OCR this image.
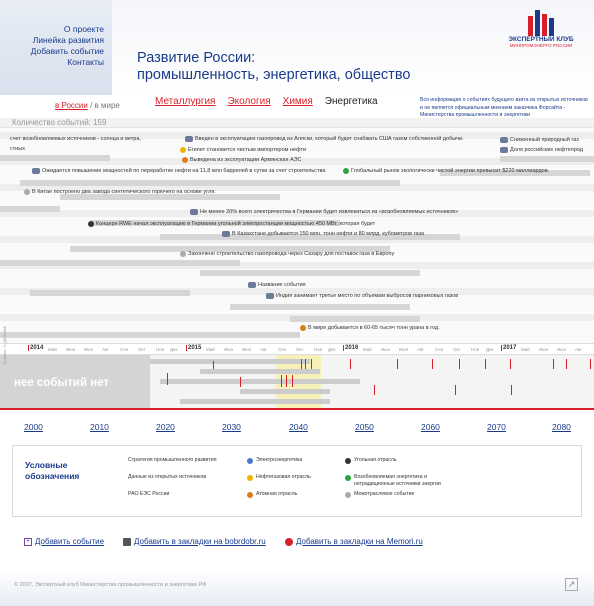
О проекте
Линейка развития
Добавить событие
Контакты Развитие России:
промышленность, энергетика, общество
ЭКСПЕРТНЫЙ КЛУБ
МИНПРОМЭНЕРГО РОССИИ
в России / в мире	Металлургия Экология Химия Энергетика	Вся информация о событиях будущего взята из открытых источников и не является официальным мнением заказчика Форсайта - Министерства промышленности и энергетики
Количество событий: 159
счет возобновляемых источников - солнца и ветра,
стных
Введен в эксплуатацию газопровод из Аляски, который будет снабжать США газом собственной добычи.
Египет становится чистым импортером нефти
Выведена из эксплуатации Армянская АЭС
Ожидается повышение мощностей по переработке нефти на 11,8 млн баррелей в сутки за счет строительства	Глобальный рынок экологически чистой энергии превысит $220 миллиардов.
Сниженный природный газ
Доля российских нефтепрод
В Китае построено два завода синтетического горючего на основе угля.
Не менее 20% всего электричества в Германии будет извлекаться из «возобновляемых источников»
Концерн RWE начал эксплуатацию в Германии угольной электростанции мощностью 450 МВт, которая будет
В Казахстане добывается 150 млн. тонн нефти и 80 млрд. кубометров газа
Закончено строительство газопровода через Сахару для поставок газа в Европу
Название события
Индия занимает третье место по объемам выбросов парниковых газов
В мире добывается в 60-65 тысяч тонн урана в год.
2014	2015	2016	2017
Май Июн Июл Авг Сен Окт Ноя Дек	Май Июн Июл Авг Сен Окт Ноя Дек	Май Июн Июл Авг Сен Окт Ноя Дек	Май Июн Июл Авг
нее событий нет
Уровень: 0. ДАЛЬШЕ
2000	2010	2020	2030	2040	2050	2060	2070	2080
Условные
обозначения
Стратегия промышленного развития	Электроэнергетика	Угольная отрасль
Данные из открытых источников	Нефтегазовая отрасль	Возобновляемая энергетика и нетрадиционные источники энергии
РАО ЕЭС России	Атомная отрасль	Межотраслевое событие
+ Добавить событие	Добавить в закладки на bobrdobr.ru	Добавить в закладки на Memori.ru
© 2007, Экспертный клуб Министерства промышленности и энергетики РФ	↗
